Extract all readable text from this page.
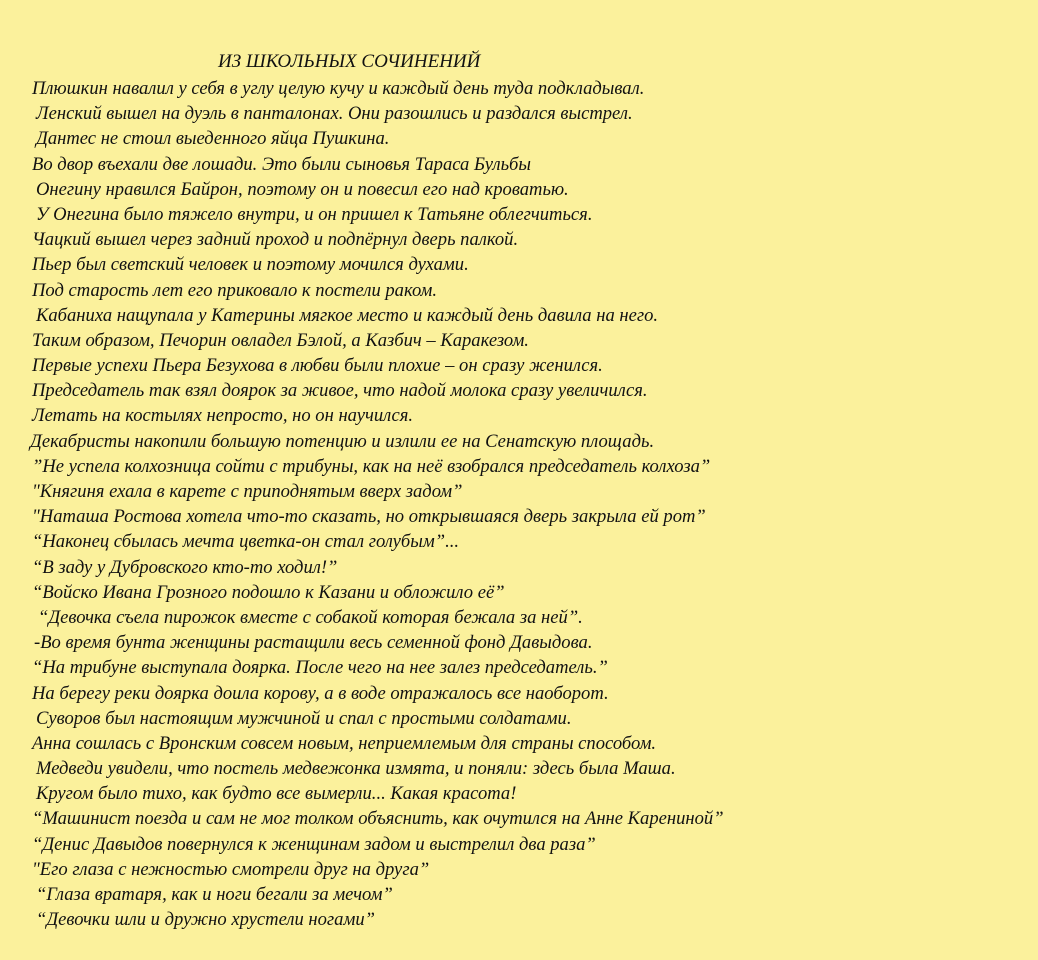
ИЗ ШКОЛЬНЫХ СОЧИНЕНИЙ
Плюшкин навалил у себя в углу целую кучу и каждый день туда подкладывал.
Ленский вышел на дуэль в панталонах. Они разошлись и раздался выстрел.
Дантес не стоил выеденного яйца Пушкина.
Во двор въехали две лошади. Это были сыновья Тараса Бульбы
Онегину нравился Байрон, поэтому он и повесил его над кроватью.
У Онегина было тяжело внутри, и он пришел к Татьяне облегчиться.
Чацкий вышел через задний проход и подпёрнул дверь палкой.
Пьер был светский человек и поэтому мочился духами.
Под старость лет его приковало к постели раком.
Кабаниха нащупала у Катерины мягкое место и каждый день давила на него.
Таким образом, Печорин овладел Бэлой, а Казбич – Каракезом.
Первые успехи Пьера Безухова в любви были плохие – он сразу женился.
Председатель так взял доярок за живое, что надой молока сразу увеличился.
Летать на костылях непросто, но он научился.
Декабристы накопили большую потенцию и излили ее на Сенатскую площадь.
”Не успела колхозница сойти с трибуны, как на неё взобрался председатель колхоза”
"Княгиня ехала в карете с приподнятым вверх задом”
"Наташа Ростова хотела что-то сказать, но открывшаяся дверь закрыла ей рот”
“Наконец сбылась мечта цветка-он стал голубым”...
“В заду у Дубровского кто-то ходил!”
“Войско Ивана Грозного подошло к Казани и обложило её”
“Девочка съела пирожок вместе с собакой которая бежала за ней”.
-Во время бунта женщины растащили весь семенной фонд Давыдова.
“На трибуне выступала доярка. После чего на нее залез председатель.”
На берегу реки доярка доила корову, а в воде отражалось все наоборот.
Суворов был настоящим мужчиной и спал с простыми солдатами.
Анна сошлась с Вронским совсем новым, неприемлемым для страны способом.
Медведи увидели, что постель медвежонка измята, и поняли: здесь была Маша.
Кругом было тихо, как будто все вымерли... Какая красота!
“Машинист поезда и сам не мог толком объяснить, как очутился на Анне Карениной”
“Денис Давыдов повернулся к женщинам задом и выстрелил два раза”
"Его глаза с нежностью смотрели друг на друга”
“Глаза вратаря, как и ноги бегали за мечом”
“Девочки шли и дружно хрустели ногами”
